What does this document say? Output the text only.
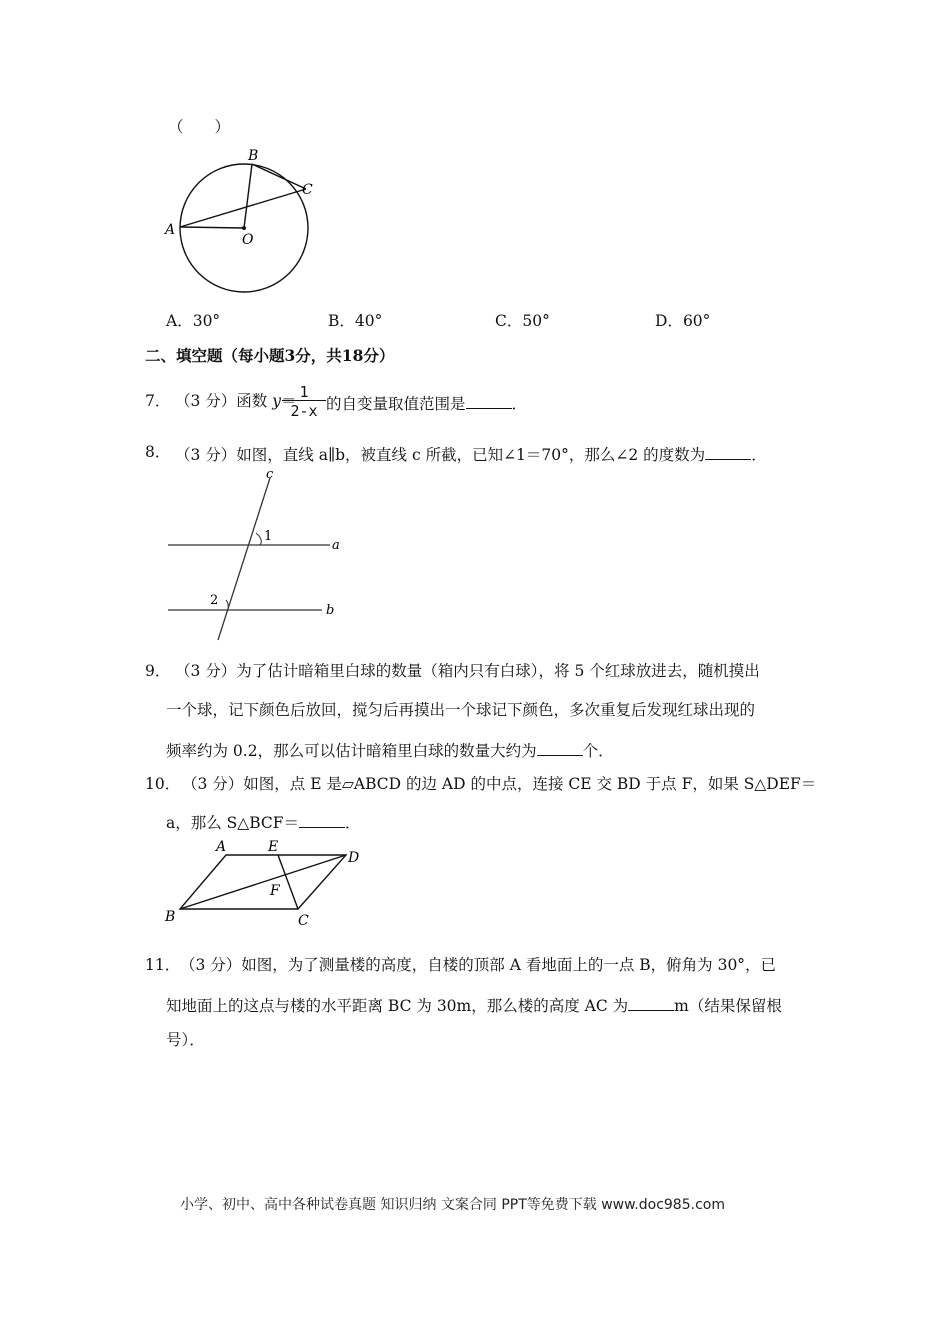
（　　）
B
C
A
O
A．30°	B．40°	C．50°	D．60°
二、填空题（每小题3分，共18分）
7． （3 分）函数 y＝ 1
2-x 的自变量取值范围是	．
8． （3 分）如图，直线 a∥b，被直线 c 所截，已知∠1＝70°，那么∠2 的度数为	．
c
1
a
2
b
9． （3 分）为了估计暗箱里白球的数量（箱内只有白球），将 5 个红球放进去，随机摸出
一个球，记下颜色后放回，搅匀后再摸出一个球记下颜色，多次重复后发现红球出现的
频率约为 0.2，那么可以估计暗箱里白球的数量大约为	个．
10． （3 分）如图，点 E 是▱ABCD 的边 AD 的中点，连接 CE 交 BD 于点 F，如果 S△DEF＝
a，那么 S△BCF＝	．
A	E
D
B
F
C
11． （3 分）如图，为了测量楼的高度，自楼的顶部 A 看地面上的一点 B，俯角为 30°，已
知地面上的这点与楼的水平距离 BC 为 30m，那么楼的高度 AC 为	m（结果保留根
号）．
小学、初中、高中各种试卷真题 知识归纳 文案合同 PPT等免费下载 www.doc985.com
